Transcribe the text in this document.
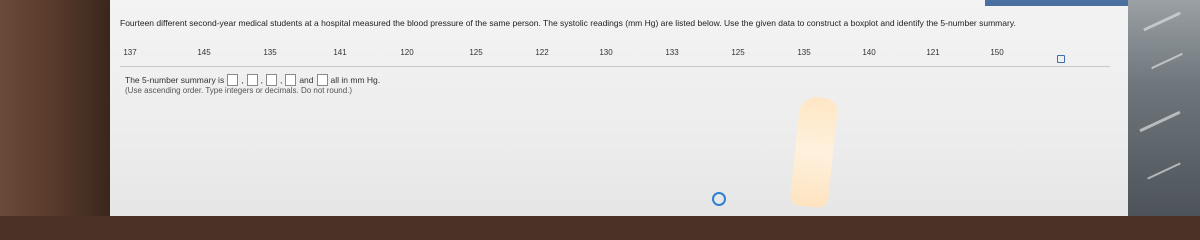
Fourteen different second-year medical students at a hospital measured the blood pressure of the same person. The systolic readings (mm Hg) are listed below. Use the given data to construct a boxplot and identify the 5-number summary.
137	145	135	141	120	125	122	130	133	125	135	140	121	150
The 5-number summary is ,
,
, and all in mm Hg.
(Use ascending order. Type integers or decimals. Do not round.)
